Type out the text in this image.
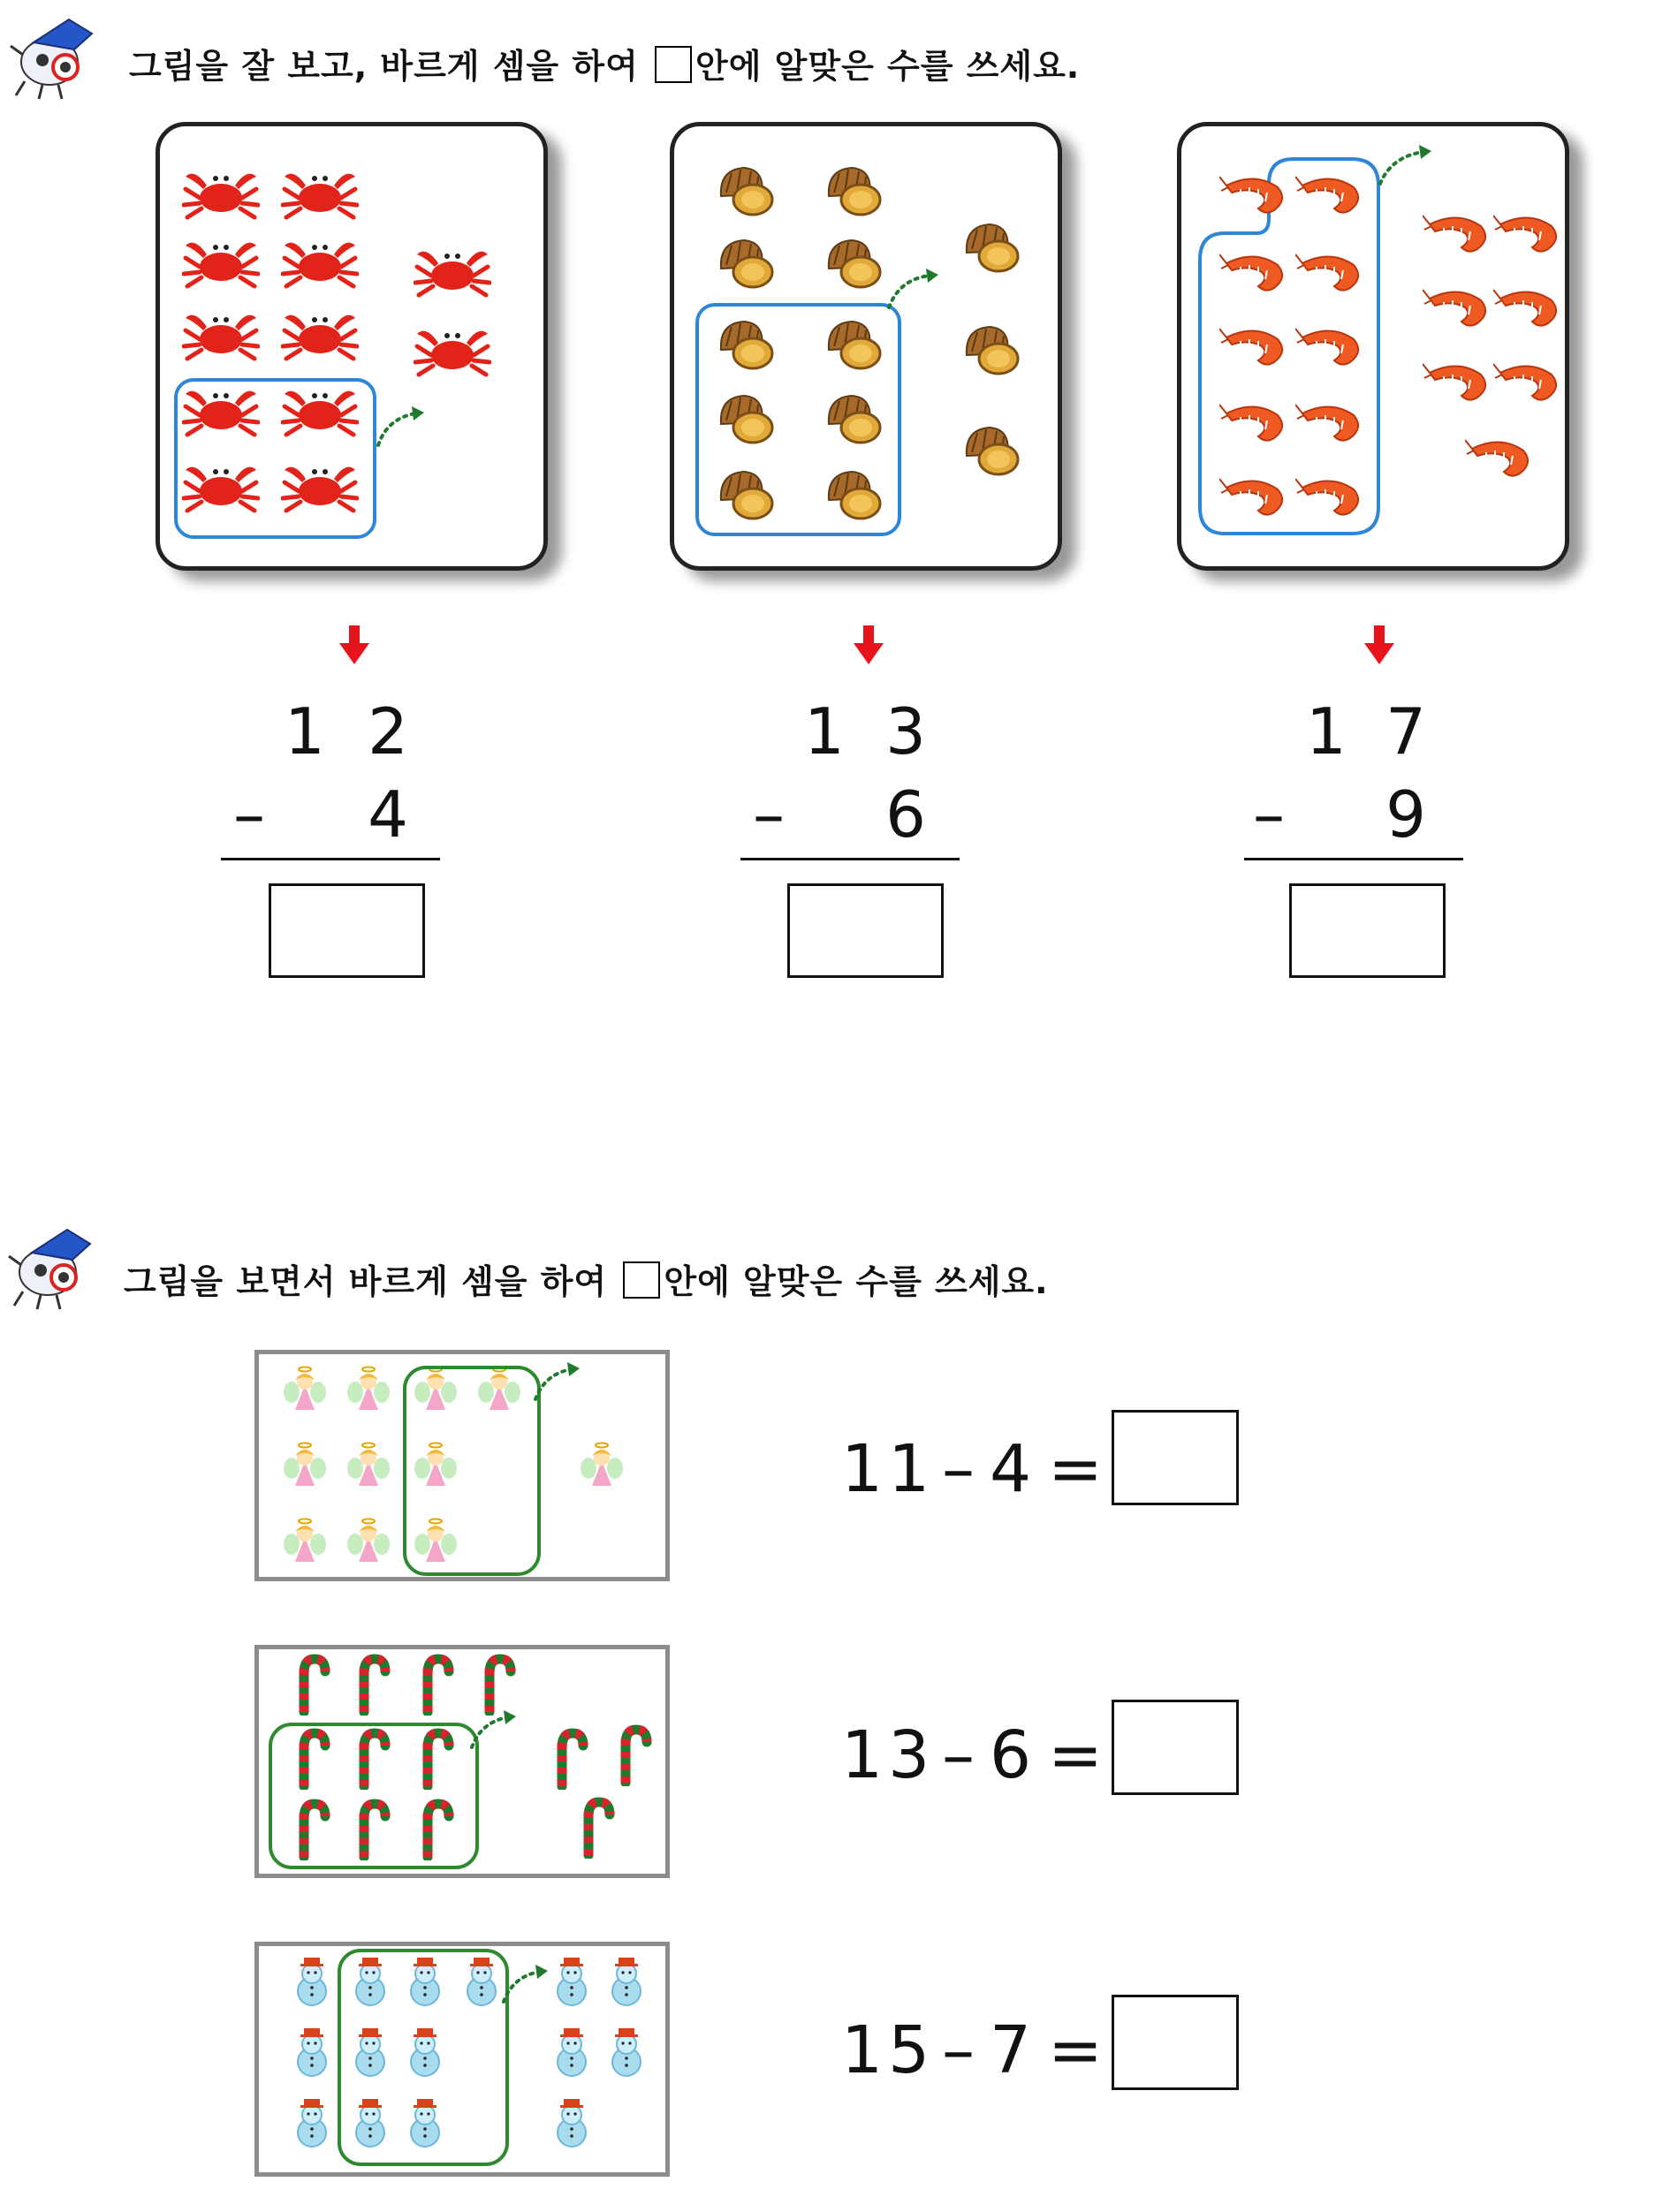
그림을 잘 보고, 바르게 셈을 하여 안에 알맞은 수를 쓰세요.
1 2
– 4
1 3
– 6
1 7
– 9
그림을 보면서 바르게 셈을 하여 안에 알맞은 수를 쓰세요.
11 – 4 =
13 – 6 =
15 – 7 =
